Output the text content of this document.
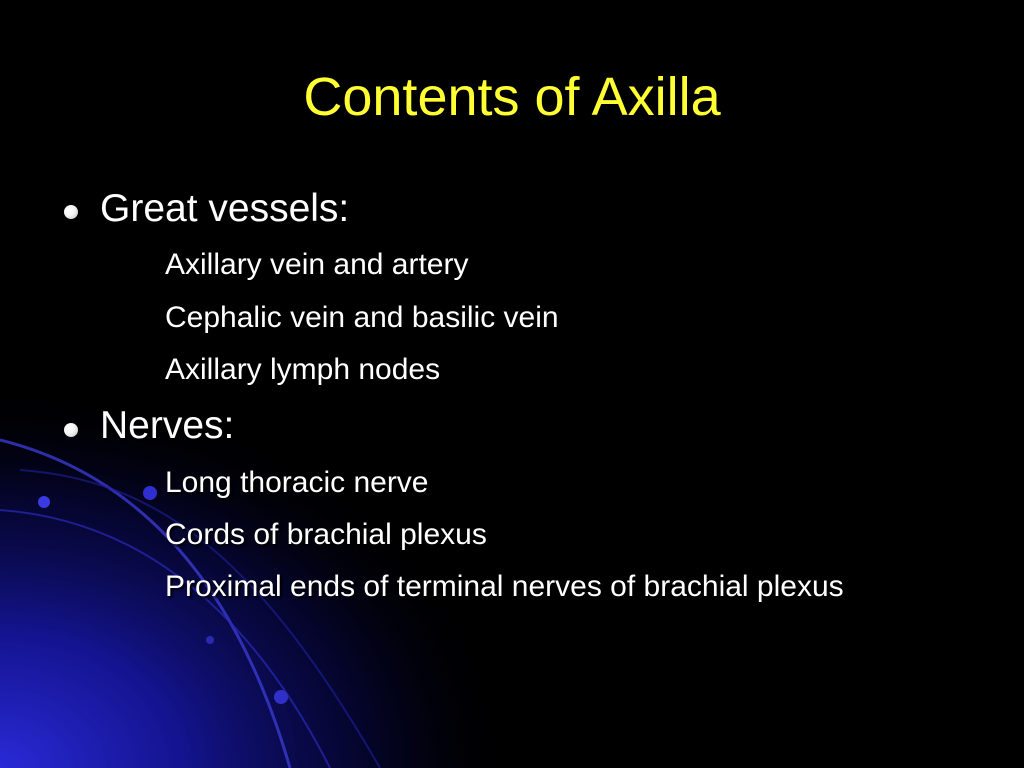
Contents of Axilla
Great vessels:
Axillary vein and artery
Cephalic vein and basilic vein
Axillary lymph nodes
Nerves:
Long thoracic nerve
Cords of brachial plexus
Proximal ends of terminal nerves of brachial plexus
